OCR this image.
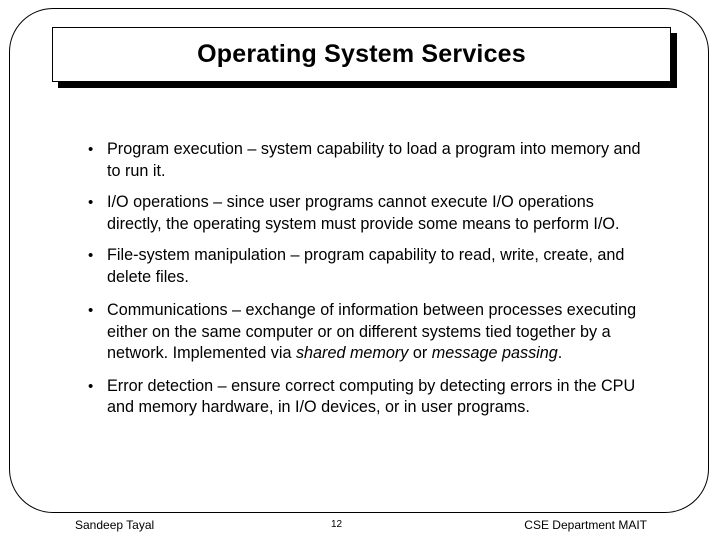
Operating System Services
• Program execution – system capability to load a program into memory and to run it.
• I/O operations – since user programs cannot execute I/O operations directly, the operating system must provide some means to perform I/O.
• File-system manipulation – program capability to read, write, create, and delete files.
• Communications – exchange of information between processes executing either on the same computer or on different systems tied together by a network. Implemented via shared memory or message passing.
• Error detection – ensure correct computing by detecting errors in the CPU and memory hardware, in I/O devices, or in user programs.
Sandeep Tayal	12	CSE Department MAIT
